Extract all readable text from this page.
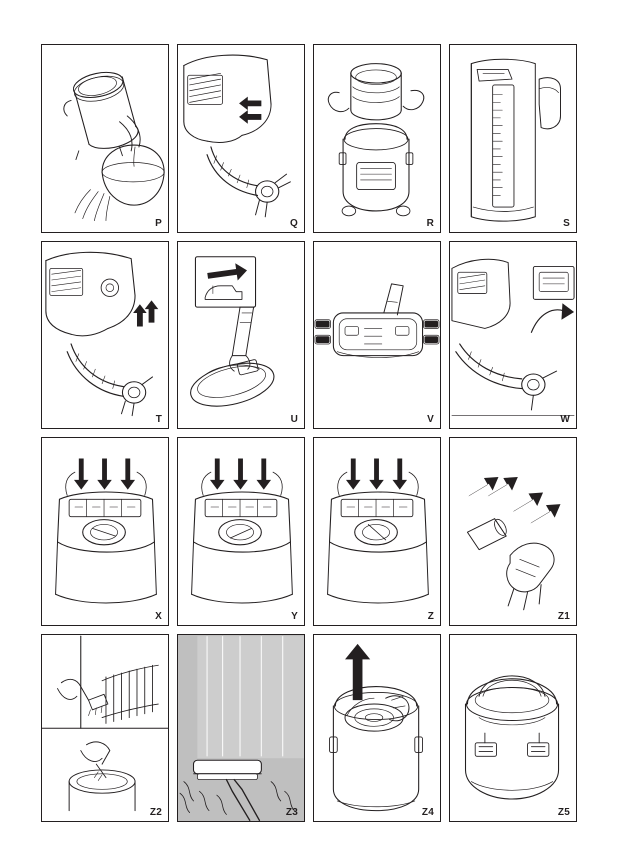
P	Q	R	S
T	U	V	W
X	Y	Z	Z1
Z2	Z3	Z4	Z5
